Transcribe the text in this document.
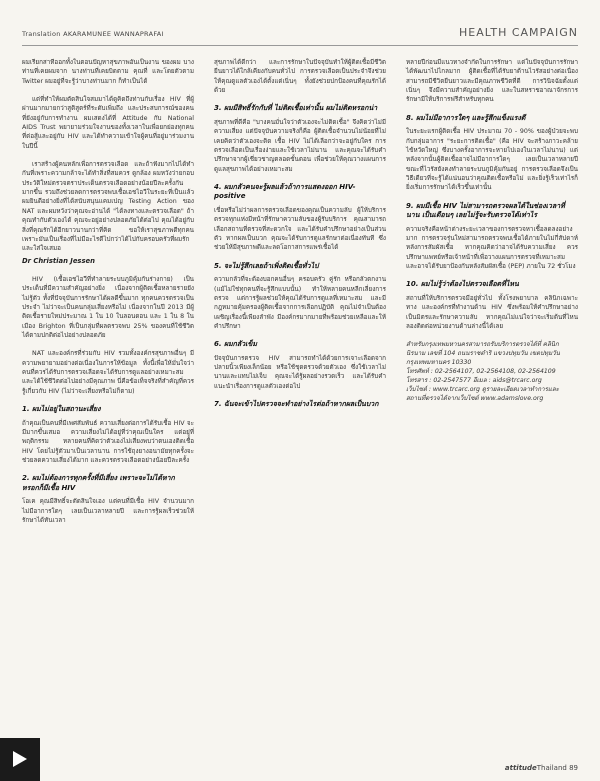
Translation AKARAMUNEE WANNAPRAFAI	HEALTH CAMPAIGN

ผมเรียกสาทีออกทั้งในตอนปัญหาสุขภาพอันเป็นงาน ของผม บางท่านที่เคยผมจาก นางท่านที่เคยบิดตาม คุณที่ และโดยตัวตาม Twitter ผมอยู่ที่จะรู้ว่าบางท่านมาก ก็ทำเป็นได้

แต่ที่ทำให้ผมตัดสินใจสมมาได้ดูคิดถึงท่านกับเรื่อง HIV ที่ผู้ผ่านมากมายกว่าสูติสูตร์ที่ระดับเพิ่มถึง และประสบการณ์ของคนที่ยังอยู่กับการทำงาน ผมเสดงได้ที่ Attitude กับ National AIDS Trust พยายามร่วมใจงานของทั้งเวลาในเพื่อยกย่องทุกคนที่ต่อสู้และอยู่กับ HIV และได้ทำความเข้าใจผู้คนที่อยู่มาร่วมงานในปีนี้

เราสร้างผู้คนหลักเพื่อการตรวจเลือด และถ้าฟังมากไปได้ทำกันที่เพราะความกล้าจะได้ทำสิ่งที่สมควร ดูกล้อง ผมหวังว่ายกอบประวัติใหม่ตรวจตราประเด็นตรวจเลือดอย่างน้อยปีละครั้งกันมากขึ้น รวมถึงช่วยลดการตรวจพบเชื้อเอชไอวีในระยะที่เป็นแล้ว ผมยินดีอย่างยิ่งที่ได้สนับสนุนแคมเปญ Testing Action ของ NAT และผมหวังว่าคุณจะอ่านได้ "ได้ลงทางและตรวจเลือด" ถ้าคุณทำกับตัวเองได้ คุณจะอยู่อย่างปลอดภัยได้ต่อไป คุณได้อยู่กับสิ่งที่คุณรักได้อีกยาวนานกว่าที่คิด ขอให้เราสุขภาพดีทุกคน เพราะมันเป็นเรื่องที่ไม่มีอะไรดีไปกว่าได้ไปกับครอบครัวที่ผมรักและใส่ใจเสมอ

Dr Christian Jessen

HIV (เชื้อเอชไอวีที่ทำลายระบบภูมิคุ้มกันร่างกาย) เป็นประเด็นที่มีความสำคัญอย่างยิ่ง เนื่องจากผู้ติดเชื้อหลายรายยังไม่รู้ตัว ทั้งที่ปัจจุบันการรักษาได้ผลดีขึ้นมาก ทุกคนควรตรวจเป็นประจำ ไม่ว่าจะเป็นคนกลุ่มเสี่ยงหรือไม่ เนื่องจากในปี 2013 มีผู้ติดเชื้อรายใหม่ประมาณ 1 ใน 10 ในลอนดอน และ 1 ใน 8 ในเมือง Brighton ที่เป็นกลุ่มที่ผลตรวจพบ 25% ของคนที่ใช้ชีวิตได้ตามปกติต่อไปอย่างปลอดภัย

NAT และองค์กรที่ร่วมกับ HIV รวมทั้งองค์กรสุขภาพอื่นๆ มีความพยายามอย่างต่อเนื่องในการให้ข้อมูล ทั้งนี้เพื่อให้มั่นใจว่าคนที่ควรได้รับการตรวจเลือดจะได้รับการดูแลอย่างเหมาะสม และได้ใช้ชีวิตต่อไปอย่างมีคุณภาพ นี่คือข้อเท็จจริงที่สำคัญที่ควรรู้เกี่ยวกับ HIV (ไม่ว่าจะเสี่ยงหรือไม่ก็ตาม)

1. ผมไม่อยู่ในสถานะเสี่ยง

ถ้าคุณเป็นคนที่มีเพศสัมพันธ์ ความเสี่ยงต่อการได้รับเชื้อ HIV จะมีมากขึ้นเสมอ ความเสี่ยงไม่ได้อยู่ที่ว่าคุณเป็นใคร แต่อยู่ที่พฤติกรรม หลายคนที่คิดว่าตัวเองไม่เสี่ยงพบว่าตนเองติดเชื้อ HIV โดยไม่รู้ตัวมาเป็นเวลานาน การใช้ถุงยางอนามัยทุกครั้งจะช่วยลดความเสี่ยงได้มาก และควรตรวจเลือดอย่างน้อยปีละครั้ง

2. ผมไม่ต้องการทุกครั้งที่มีเสี่ยง เพราะจะไม่ได้หาก หรอกก็มีเชื้อ HIV

โอเค คุณมีสิทธิ์จะตัดสินใจเอง แต่คนที่มีเชื้อ HIV จำนวนมากไม่มีอาการใดๆ เลยเป็นเวลาหลายปี และการรู้ผลเร็วช่วยให้รักษาได้ทันเวลา

สุขภาพได้ดีกว่า และการรักษาในปัจจุบันทำให้ผู้ติดเชื้อมีชีวิตยืนยาวได้ใกล้เคียงกับคนทั่วไป การตรวจเลือดเป็นประจำจึงช่วยให้คุณดูแลตัวเองได้ตั้งแต่เนิ่นๆ ทั้งยังช่วยปกป้องคนที่คุณรักได้ด้วย

3. ผมมีสิทธิ์รักกับที่ ไม่ติดเชื้อเท่านั้น ผมไม่ติดหรอกน่า

สุขภาพที่ดีคือ "บางคนมั่นใจว่าตัวเองจะไม่ติดเชื้อ" จึงคิดว่าไม่มีความเสี่ยง แต่ปัจจุบันความจริงก็คือ ผู้ติดเชื้อจำนวนไม่น้อยที่ไม่เคยคิดว่าตัวเองจะติด เชื้อ HIV ไม่ได้เลือกว่าจะอยู่กับใคร การตรวจเลือดเป็นเรื่องง่ายและใช้เวลาไม่นาน และคุณจะได้รับคำปรึกษาจากผู้เชี่ยวชาญตลอดขั้นตอน เพื่อช่วยให้คุณวางแผนการดูแลสุขภาพได้อย่างเหมาะสม

4. ผมกลัวคนจะรู้ผลแล้วถ้าการแสดงออก HIV-positive

เชื่อหรือไม่ว่าผลการตรวจเลือดของคุณเป็นความลับ ผู้ให้บริการตรวจทุกแห่งมีหน้าที่รักษาความลับของผู้รับบริการ คุณสามารถเลือกสถานที่ตรวจที่สะดวกใจ และได้รับคำปรึกษาอย่างเป็นส่วนตัว หากผลเป็นบวก คุณจะได้รับการดูแลรักษาต่อเนื่องทันที ซึ่งช่วยให้มีสุขภาพดีและลดโอกาสการแพร่เชื้อได้

5. จะไม่รู้สึกเลยถ้าเพิ่งติดเชื้อทั่วไป

ความกลัวที่จะต้องบอกคนอื่นๆ ครอบครัว คู่รัก หรือกลัวตกงาน (แม้ไม่ใช่ทุกคนที่จะรู้สึกแบบนั้น) ทำให้หลายคนหลีกเลี่ยงการตรวจ แต่การรู้ผลช่วยให้คุณได้รับการดูแลที่เหมาะสม และมีกฎหมายคุ้มครองผู้ติดเชื้อจากการเลือกปฏิบัติ คุณไม่จำเป็นต้องเผชิญเรื่องนี้เพียงลำพัง มีองค์กรมากมายที่พร้อมช่วยเหลือและให้คำปรึกษา

6. ผมกลัวเข็ม

ปัจจุบันการตรวจ HIV สามารถทำได้ด้วยการเจาะเลือดจากปลายนิ้วเพียงเล็กน้อย หรือใช้ชุดตรวจด้วยตัวเอง ซึ่งใช้เวลาไม่นานและแทบไม่เจ็บ คุณจะได้รู้ผลอย่างรวดเร็ว และได้รับคำแนะนำเรื่องการดูแลตัวเองต่อไป

7. ฉันจะเข้าไปตรวจจะทำอย่างไรต่อถ้าหากผลเป็นบวก

หลายปีก่อนมีแนวทางจำกัดในการรักษา แต่ในปัจจุบันการรักษาได้พัฒนาไปไกลมาก ผู้ติดเชื้อที่ได้รับยาต้านไวรัสอย่างต่อเนื่องสามารถมีชีวิตยืนยาวและมีคุณภาพชีวิตที่ดี การวินิจฉัยตั้งแต่เนิ่นๆ จึงมีความสำคัญอย่างยิ่ง และในสหราชอาณาจักรการรักษามีให้บริการฟรีสำหรับทุกคน

8. ผมไม่มีอาการใดๆ และรู้สึกแข็งแรงดี

ในระยะแรกผู้ติดเชื้อ HIV ประมาณ 70 - 90% ของผู้ป่วยจะพบกับกลุ่มอาการ "ระยะการติดเชื้อ" (คือ HIV จะสร้างภาวะคล้ายไข้หวัดใหญ่ ซึ่งบางครั้งอาการจะหายไปเองในเวลาไม่นาน) แต่หลังจากนั้นผู้ติดเชื้ออาจไม่มีอาการใดๆ เลยเป็นเวลาหลายปี ขณะที่ไวรัสยังคงทำลายระบบภูมิคุ้มกันอยู่ การตรวจเลือดจึงเป็นวิธีเดียวที่จะรู้ได้แน่นอนว่าคุณติดเชื้อหรือไม่ และยิ่งรู้เร็วเท่าไรก็ยิ่งเริ่มการรักษาได้เร็วขึ้นเท่านั้น

9. ผมมีเชื้อ HIV ไม่สามารถตรวจผลได้ในช่องเวลาที่นาน เป็นเดือนๆ เลยไม่รู้จะรับตรวจได้เท่าไร

ความจริงคือหน้าต่างระยะเวลาของการตรวจหาเชื้อลดลงอย่างมาก การตรวจรุ่นใหม่สามารถตรวจพบเชื้อได้ภายในไม่กี่สัปดาห์หลังการสัมผัสเชื้อ หากคุณคิดว่าอาจได้รับความเสี่ยง ควรปรึกษาแพทย์หรือเจ้าหน้าที่เพื่อวางแผนการตรวจที่เหมาะสม และอาจได้รับยาป้องกันหลังสัมผัสเชื้อ (PEP) ภายใน 72 ชั่วโมง

10. ผมไม่รู้ว่าต้องไปตรวจเลือดที่ไหน

สถานที่ให้บริการตรวจมีอยู่ทั่วไป ทั้งโรงพยาบาล คลินิกเฉพาะทาง และองค์กรที่ทำงานด้าน HIV ซึ่งพร้อมให้คำปรึกษาอย่างเป็นมิตรและรักษาความลับ หากคุณไม่แน่ใจว่าจะเริ่มต้นที่ไหน ลองติดต่อหน่วยงานด้านล่างนี้ได้เลย

สำหรับกรุงเทพมหานครสามารถรับบริการตรวจได้ที่ คลินิกนิรนาม เลขที่ 104 ถนนราชดำริ แขวงปทุมวัน เขตปทุมวัน กรุงเทพมหานคร 10330
โทรศัพท์ : 02-2564107, 02-2564108, 02-2564109
โทรสาร : 02-2547577 อีเมล : aids@trcarc.org
เว็บไซต์ : www.trcarc.org ดูรายละเอียดเวลาทำการและ
สถานที่ตรวจได้จากเว็บไซต์ www.adamslove.org
attitudeThailand 89
